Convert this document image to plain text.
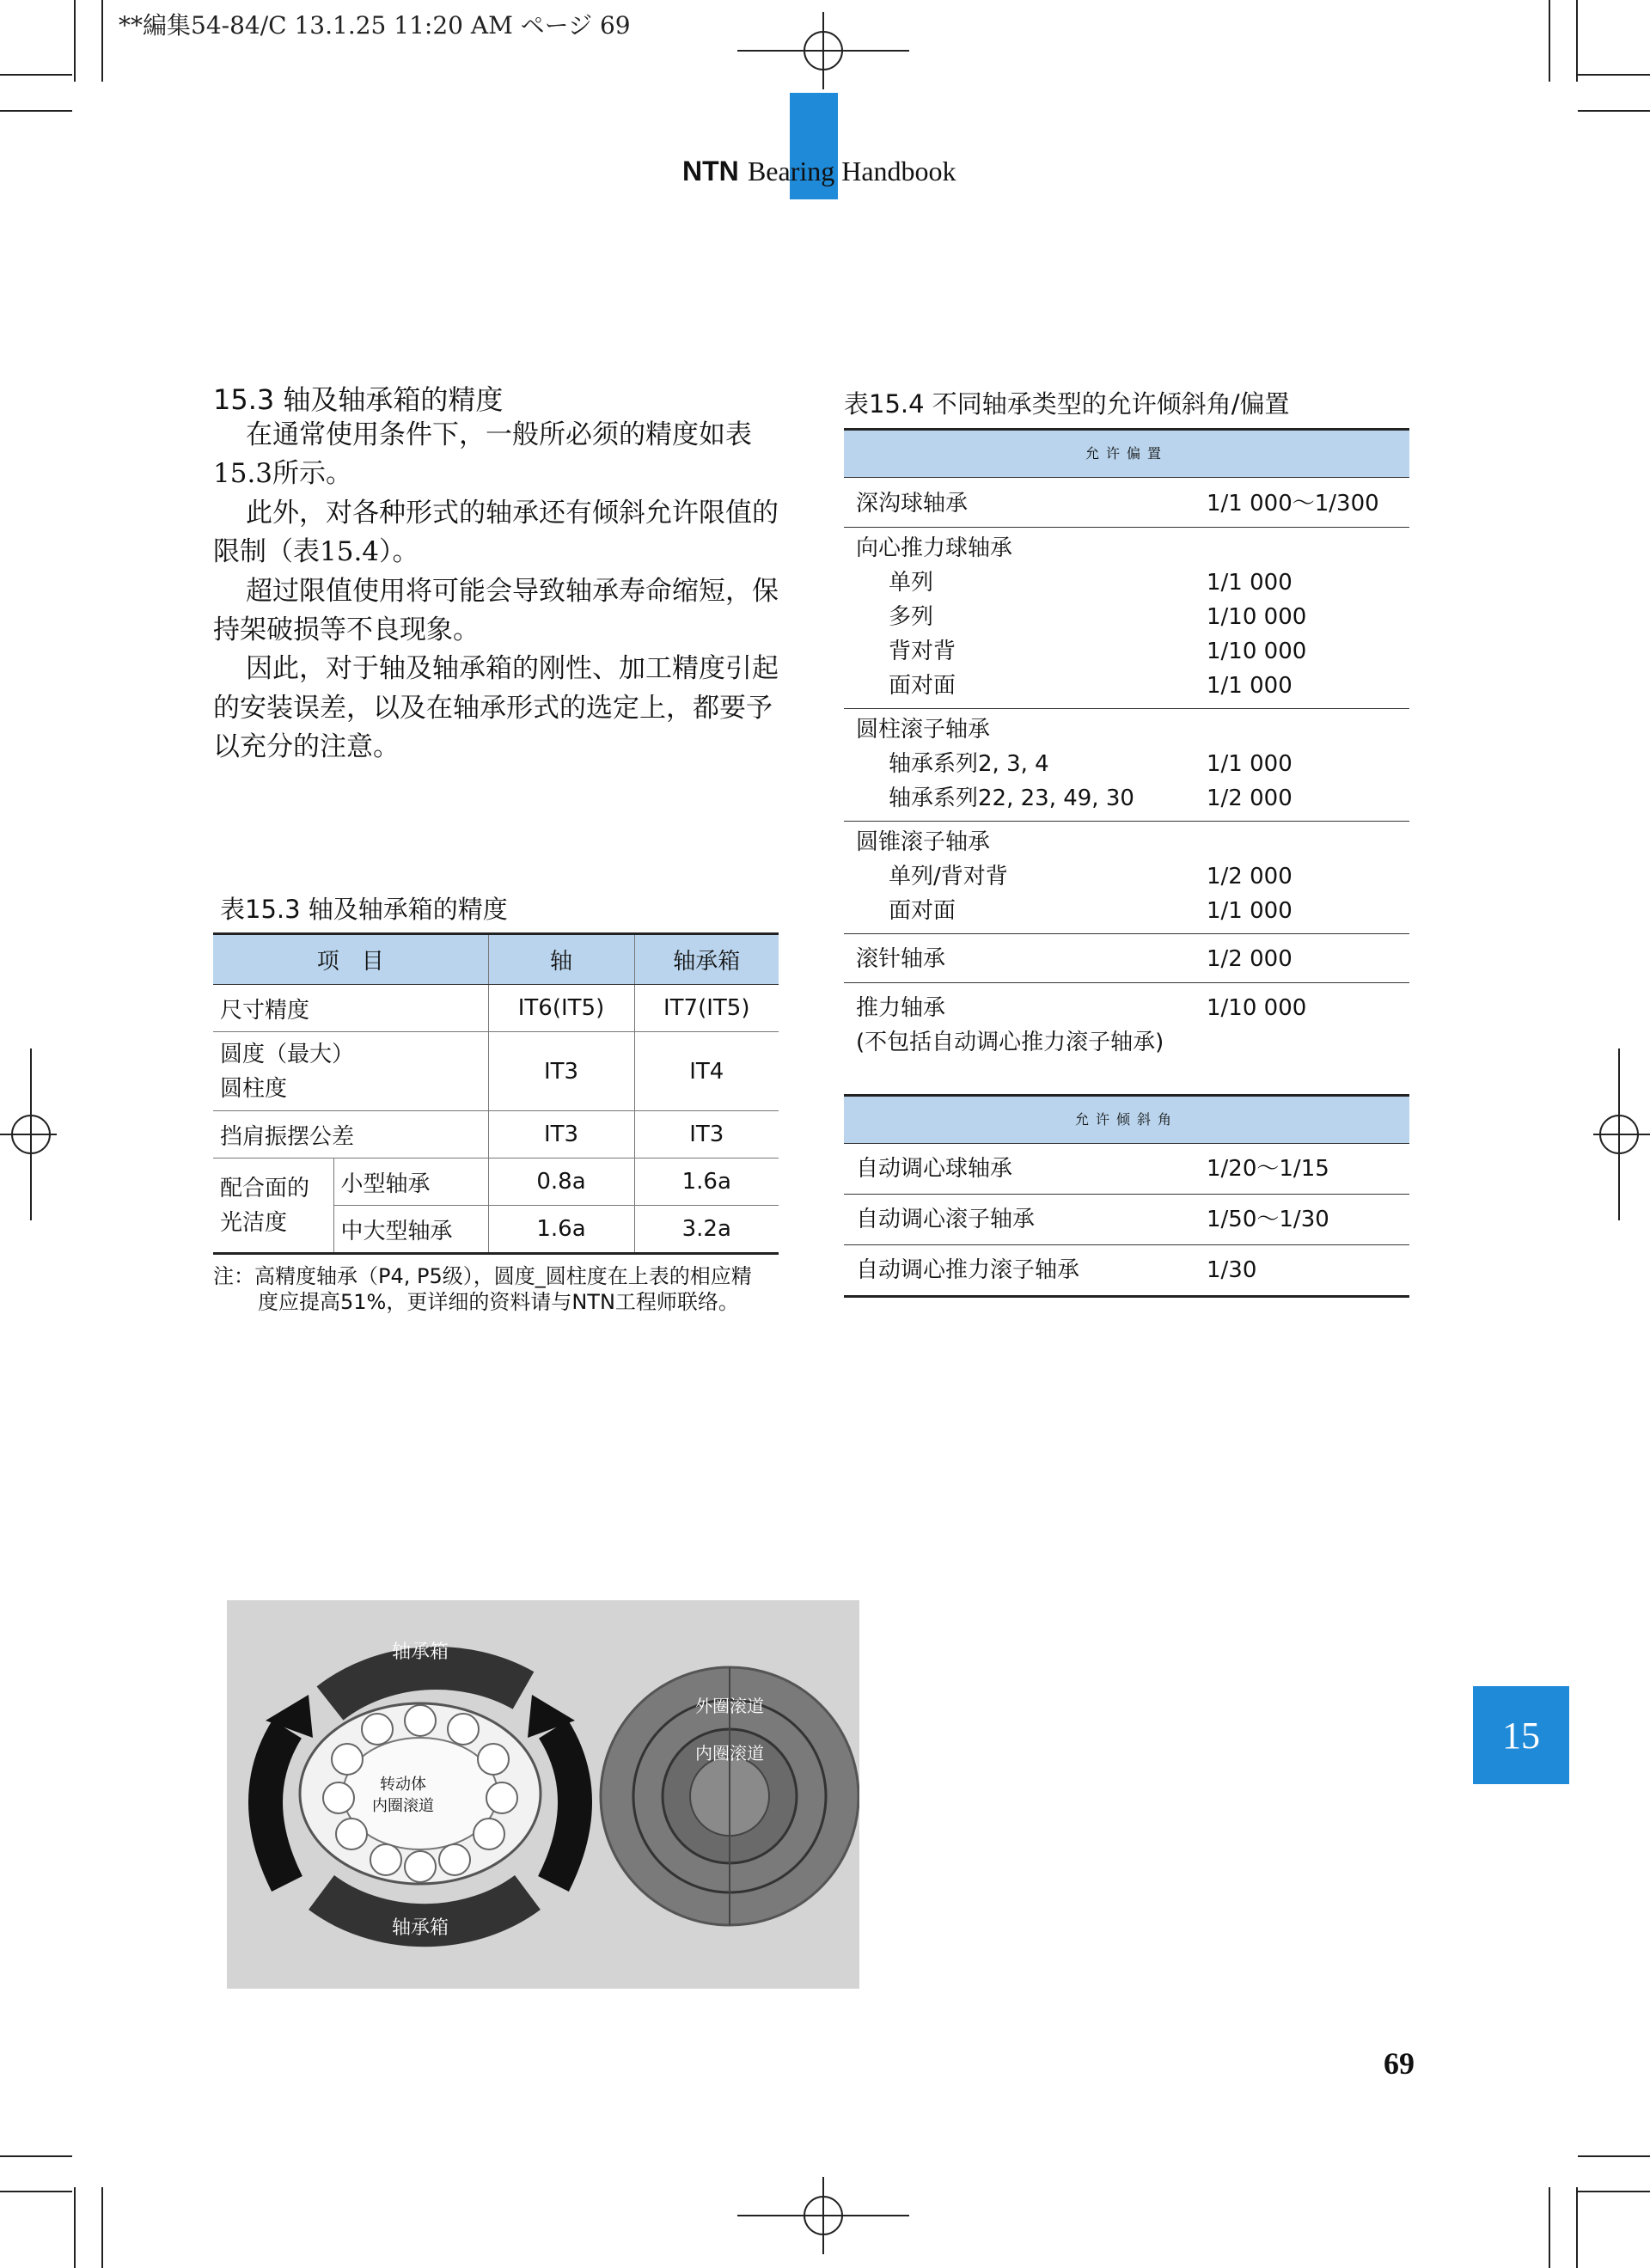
**編集54-84/C 13.1.25 11:20 AM ページ 69
NTN Bearing Handbook
15.3 轴及轴承箱的精度

在通常使用条件下，一般所必须的精度如表15.3所示。

此外，对各种形式的轴承还有倾斜允许限值的限制（表15.4）。

超过限值使用将可能会导致轴承寿命缩短，保持架破损等不良现象。

因此，对于轴及轴承箱的刚性、加工精度引起的安装误差，以及在轴承形式的选定上，都要予以充分的注意。

表15.3 轴及轴承箱的精度
项　目		轴	轴承箱
尺寸精度		IT6(IT5)	IT7(IT5)

圆度（最大）
圆柱度		IT3	IT4
挡肩振摆公差		IT3	IT3

配合面的
光洁度	小型轴承	0.8a	1.6a
	中大型轴承	1.6a	3.2a
注：高精度轴承（P4, P5级），圆度_圆柱度在上表的相应精
度应提高51%，更详细的资料请与NTN工程师联络。
表15.4 不同轴承类型的允许倾斜角/偏置
允许偏置
深沟球轴承	1/1 000～1/300
向心推力球轴承
单列	1/1 000
多列	1/10 000
背对背	1/10 000
面对面	1/1 000
圆柱滚子轴承
轴承系列2, 3, 4	1/1 000
轴承系列22, 23, 49, 30	1/2 000
圆锥滚子轴承
单列/背对背	1/2 000
面对面	1/1 000
滚针轴承	1/2 000
推力轴承	1/10 000
(不包括自动调心推力滚子轴承)
允许倾斜角
自动调心球轴承	1/20～1/15
自动调心滚子轴承	1/50～1/30
自动调心推力滚子轴承	1/30
轴承箱
轴承箱
转动体
内圈滚道
外圈滚道
内圈滚道	15
69
